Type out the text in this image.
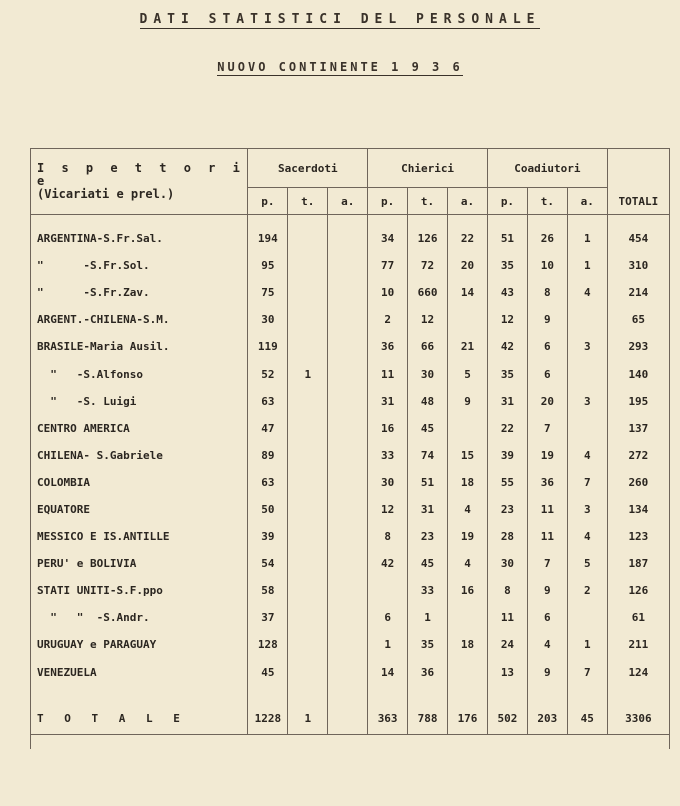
DATI STATISTICI DEL PERSONALE
NUOVO CONTINENTE 1 9 3 6
I s p e t t o r i e
(Vicariati e prel.)	Sacerdoti			Chierici			Coadiutori			TOTALI
	p.	t.	a.	p.	t.	a.	p.	t.	a.	
ARGENTINA-S.Fr.Sal.	194			34	126	22	51	26	1	454
"      -S.Fr.Sol.	95			77	72	20	35	10	1	310
"      -S.Fr.Zav.	75			10	660	14	43	8	4	214
ARGENT.-CHILENA-S.M.	30			2	12		12	9		65
BRASILE-Maria Ausil.	119			36	66	21	42	6	3	293
"   -S.Alfonso	52	1		11	30	5	35	6		140
"   -S. Luigi	63			31	48	9	31	20	3	195
CENTRO AMERICA	47			16	45		22	7		137
CHILENA- S.Gabriele	89			33	74	15	39	19	4	272
COLOMBIA	63			30	51	18	55	36	7	260
EQUATORE	50			12	31	4	23	11	3	134
MESSICO E IS.ANTILLE	39			8	23	19	28	11	4	123
PERU' e BOLIVIA	54			42	45	4	30	7	5	187
STATI UNITI-S.F.ppo	58				33	16	8	9	2	126
"   "  -S.Andr.	37			6	1		11	6		61
URUGUAY e PARAGUAY	128			1	35	18	24	4	1	211
VENEZUELA	45			14	36		13	9	7	124

T O T A L E	1228	1		363	788	176	502	203	45	3306
